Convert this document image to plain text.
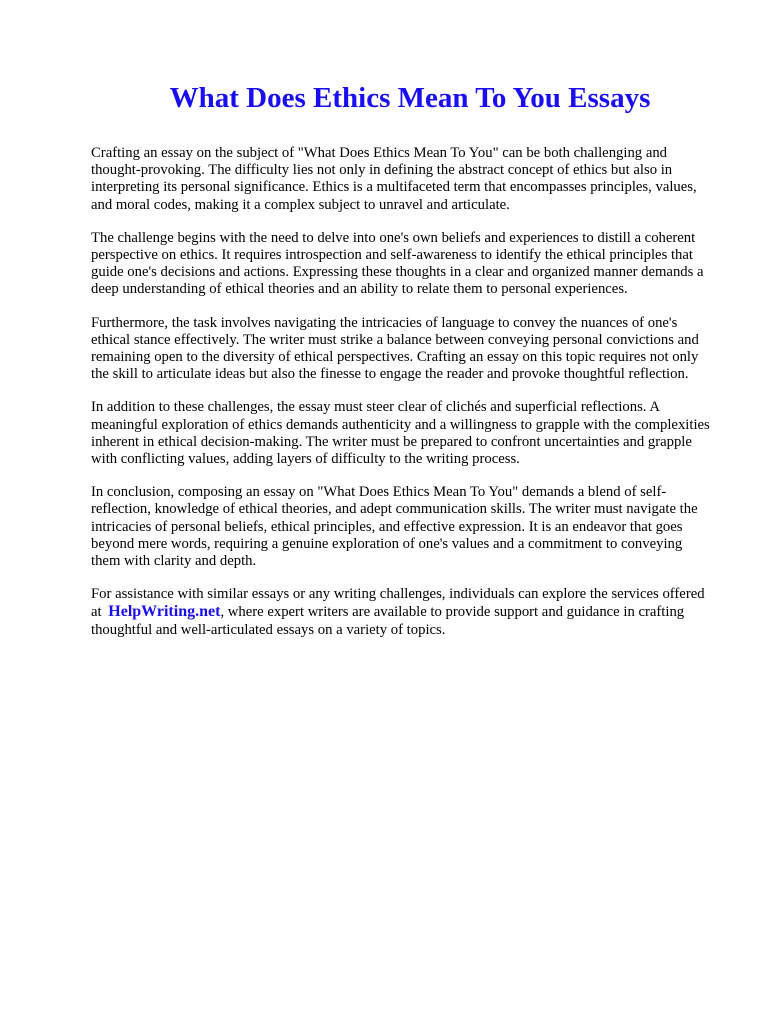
What Does Ethics Mean To You Essays

Crafting an essay on the subject of "What Does Ethics Mean To You" can be both challenging and thought-provoking. The difficulty lies not only in defining the abstract concept of ethics but also in interpreting its personal significance. Ethics is a multifaceted term that encompasses principles, values, and moral codes, making it a complex subject to unravel and articulate.

The challenge begins with the need to delve into one's own beliefs and experiences to distill a coherent perspective on ethics. It requires introspection and self-awareness to identify the ethical principles that guide one's decisions and actions. Expressing these thoughts in a clear and organized manner demands a deep understanding of ethical theories and an ability to relate them to personal experiences.

Furthermore, the task involves navigating the intricacies of language to convey the nuances of one's ethical stance effectively. The writer must strike a balance between conveying personal convictions and remaining open to the diversity of ethical perspectives. Crafting an essay on this topic requires not only the skill to articulate ideas but also the finesse to engage the reader and provoke thoughtful reflection.

In addition to these challenges, the essay must steer clear of clichés and superficial reflections. A meaningful exploration of ethics demands authenticity and a willingness to grapple with the complexities inherent in ethical decision-making. The writer must be prepared to confront uncertainties and grapple with conflicting values, adding layers of difficulty to the writing process.

In conclusion, composing an essay on "What Does Ethics Mean To You" demands a blend of self-reflection, knowledge of ethical theories, and adept communication skills. The writer must navigate the intricacies of personal beliefs, ethical principles, and effective expression. It is an endeavor that goes beyond mere words, requiring a genuine exploration of one's values and a commitment to conveying them with clarity and depth.

For assistance with similar essays or any writing challenges, individuals can explore the services offered at HelpWriting.net, where expert writers are available to provide support and guidance in crafting thoughtful and well-articulated essays on a variety of topics.
